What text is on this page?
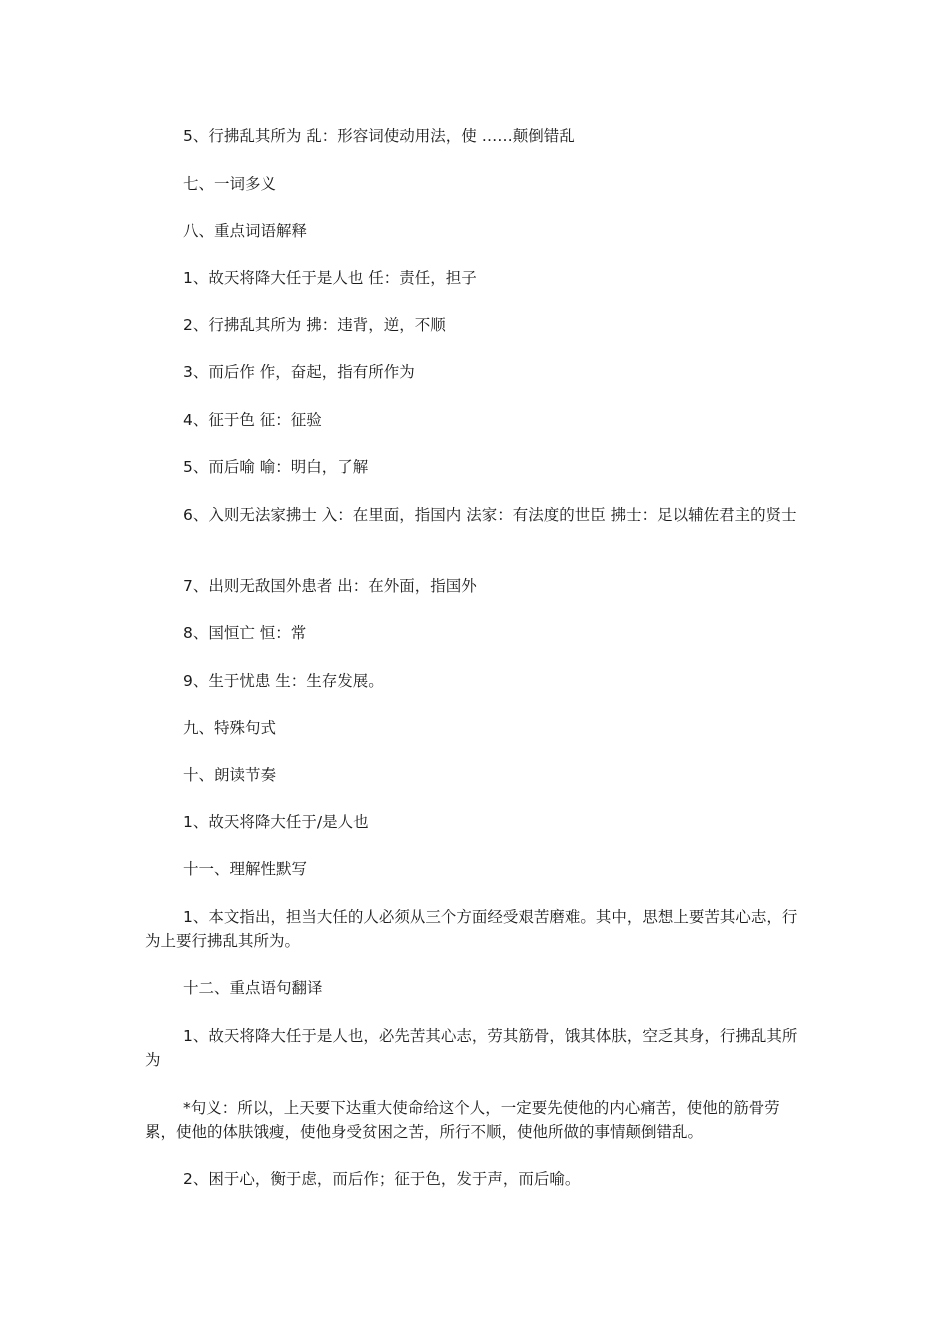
5、行拂乱其所为 乱：形容词使动用法，使 ……颠倒错乱

七、一词多义

八、重点词语解释

1、故天将降大任于是人也 任：责任，担子

2、行拂乱其所为 拂：违背，逆，不顺

3、而后作 作，奋起，指有所作为

4、征于色 征：征验

5、而后喻 喻：明白，了解

6、入则无法家拂士 入：在里面，指国内 法家：有法度的世臣 拂士：足以辅佐君主的贤士

7、出则无敌国外患者 出：在外面，指国外

8、国恒亡 恒：常

9、生于忧患 生：生存发展。

九、特殊句式

十、朗读节奏

1、故天将降大任于/是人也

十一、理解性默写

1、本文指出，担当大任的人必须从三个方面经受艰苦磨难。其中，思想上要苦其心志，行为上要行拂乱其所为。

十二、重点语句翻译

1、故天将降大任于是人也，必先苦其心志，劳其筋骨，饿其体肤，空乏其身，行拂乱其所为

*句义：所以，上天要下达重大使命给这个人，一定要先使他的内心痛苦，使他的筋骨劳累，使他的体肤饿瘦，使他身受贫困之苦，所行不顺，使他所做的事情颠倒错乱。

2、困于心，衡于虑，而后作；征于色，发于声，而后喻。
